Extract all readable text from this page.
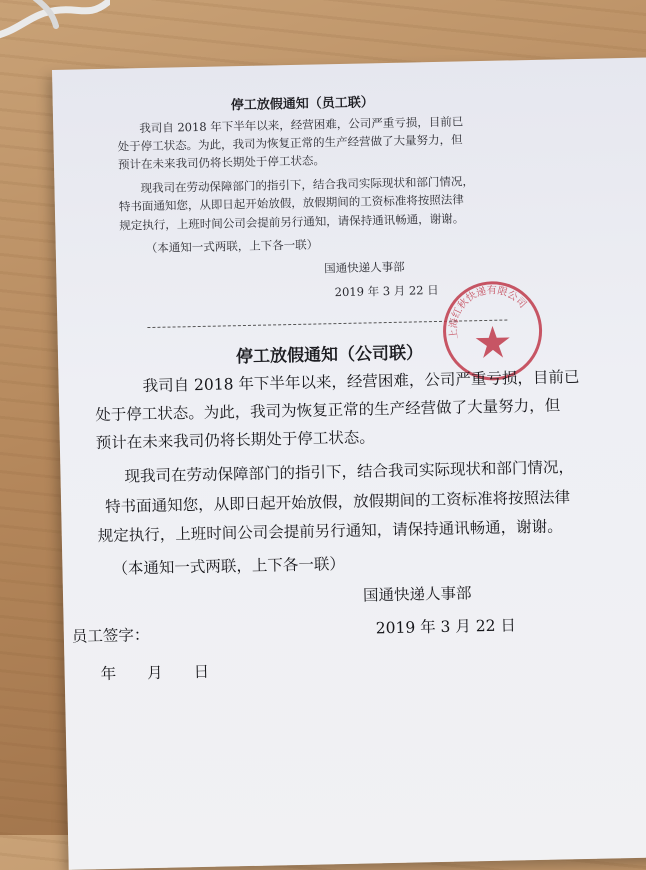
停工放假通知（员工联）
我司自 2018 年下半年以来，经营困难，公司严重亏损，目前已
处于停工状态。为此，我司为恢复正常的生产经营做了大量努力，但
预计在未来我司仍将长期处于停工状态。
现我司在劳动保障部门的指引下，结合我司实际现状和部门情况，
特书面通知您，从即日起开始放假，放假期间的工资标准将按照法律
规定执行，上班时间公司会提前另行通知，请保持通讯畅通，谢谢。
（本通知一式两联，上下各一联）
国通快递人事部
2019 年 3 月 22 日
上海红秋快递有限公司
停工放假通知（公司联）
我司自 2018 年下半年以来，经营困难，公司严重亏损，目前已
处于停工状态。为此，我司为恢复正常的生产经营做了大量努力，但
预计在未来我司仍将长期处于停工状态。
现我司在劳动保障部门的指引下，结合我司实际现状和部门情况，
特书面通知您，从即日起开始放假，放假期间的工资标准将按照法律
规定执行，上班时间公司会提前另行通知，请保持通讯畅通，谢谢。
（本通知一式两联，上下各一联）
国通快递人事部
员工签字：	2019 年 3 月 22 日
年　　月　　日
